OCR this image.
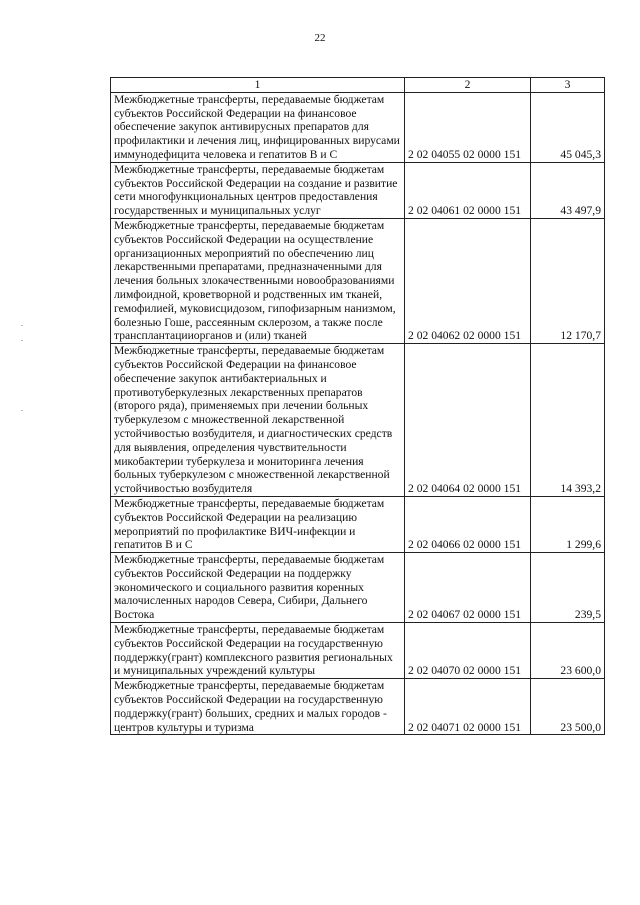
22
1	2	3
Межбюджетные трансферты, передаваемые бюджетам субъектов Российской Федерации на финансовое обеспечение закупок антивирусных препаратов для профилактики и лечения лиц, инфицированных вирусами иммунодефицита человека и гепатитов В и С	2 02 04055 02 0000 151	45 045,3
Межбюджетные трансферты, передаваемые бюджетам субъектов Российской Федерации на создание и развитие сети многофункциональных центров предоставления государственных и муниципальных услуг	2 02 04061 02 0000 151	43 497,9
Межбюджетные трансферты, передаваемые бюджетам субъектов Российской Федерации на осуществление организационных мероприятий по обеспечению лиц лекарственными препаратами, предназначенными для лечения больных злокачественными новообразованиями лимфоидной, кроветворной и родственных им тканей, гемофилией, муковисцидозом, гипофизарным нанизмом, болезнью Гоше, рассеянным склерозом, а также после трансплантацииорганов и (или) тканей	2 02 04062 02 0000 151	12 170,7
Межбюджетные трансферты, передаваемые бюджетам субъектов Российской Федерации на финансовое обеспечение закупок антибактериальных и противотуберкулезных лекарственных препаратов (второго ряда), применяемых при лечении больных туберкулезом с множественной лекарственной устойчивостью возбудителя, и диагностических средств для выявления, определения чувствительности микобактерии туберкулеза и мониторинга лечения больных туберкулезом с множественной лекарственной устойчивостью возбудителя	2 02 04064 02 0000 151	14 393,2
Межбюджетные трансферты, передаваемые бюджетам субъектов Российской Федерации на реализацию мероприятий по профилактике ВИЧ-инфекции и гепатитов В и С	2 02 04066 02 0000 151	1 299,6
Межбюджетные трансферты, передаваемые бюджетам субъектов Российской Федерации на поддержку экономического и социального развития коренных малочисленных народов Севера, Сибири, Дальнего Востока	2 02 04067 02 0000 151	239,5
Межбюджетные трансферты, передаваемые бюджетам субъектов Российской Федерации на государственную поддержку(грант) комплексного развития региональных и муниципальных учреждений культуры	2 02 04070 02 0000 151	23 600,0
Межбюджетные трансферты, передаваемые бюджетам субъектов Российской Федерации на государственную поддержку(грант) больших, средних и малых городов - центров культуры и туризма	2 02 04071 02 0000 151	23 500,0
